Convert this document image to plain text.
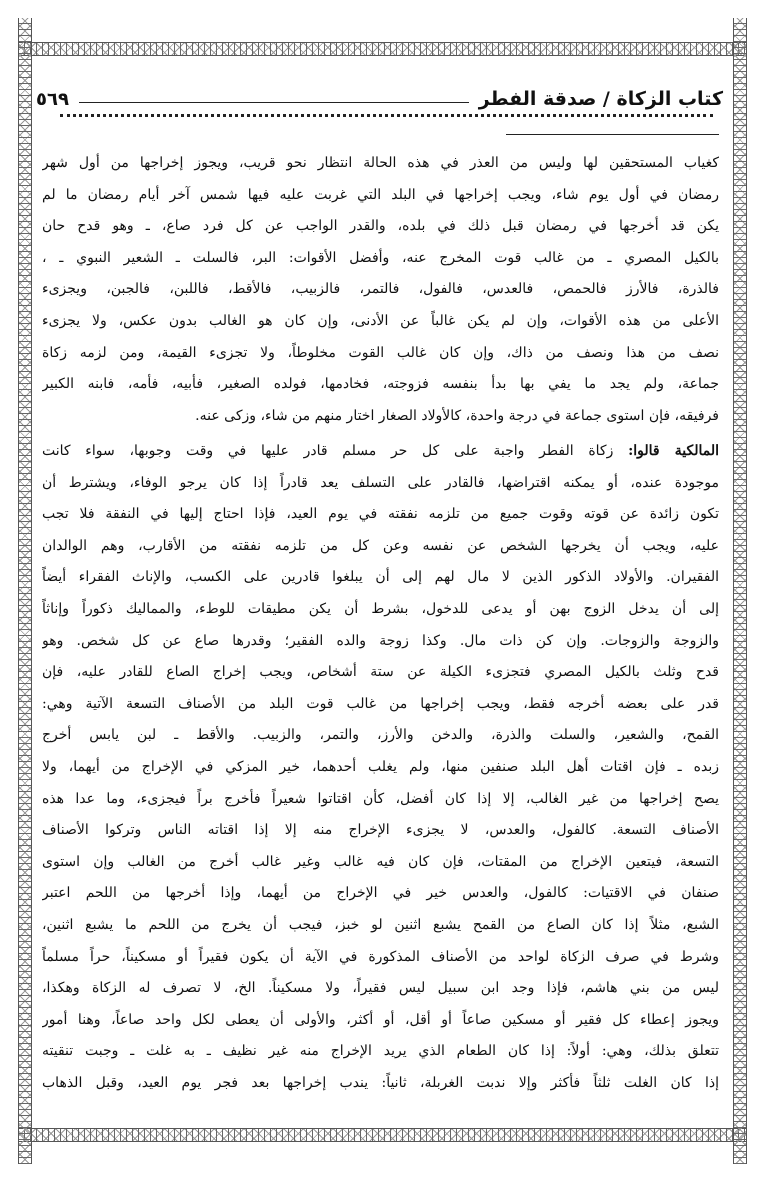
كتاب الزكاة / صدقة الفطر
٥٦٩
كغياب المستحقين لها وليس من العذر في هذه الحالة انتظار نحو قريب، ويجوز إخراجها من أول شهر
رمضان في أول يوم شاء، ويجب إخراجها في البلد التي غربت عليه فيها شمس آخر أيام رمضان ما لم
يكن قد أخرجها في رمضان قبل ذلك في بلده، والقدر الواجب عن كل فرد صاع، ـ وهو قدح حان
بالكيل المصري ـ من غالب قوت المخرج عنه، وأفضل الأقوات: البر، فالسلت ـ الشعير النبوي ـ ،
فالذرة، فالأرز فالحمص، فالعدس، فالفول، فالتمر، فالزبيب، فالأقط، فاللبن، فالجبن، ويجزىء
الأعلى من هذه الأقوات، وإن لم يكن غالباً عن الأدنى، وإن كان هو الغالب بدون عكس، ولا يجزىء
نصف من هذا ونصف من ذاك، وإن كان غالب القوت مخلوطاً، ولا تجزىء القيمة، ومن لزمه زكاة
جماعة، ولم يجد ما يفي بها بدأ بنفسه فزوجته، فخادمها، فولده الصغير، فأبيه، فأمه، فابنه الكبير
فرفيقه، فإن استوى جماعة في درجة واحدة، كالأولاد الصغار اختار منهم من شاء، وزكى عنه.
المالكية قالوا: زكاة الفطر واجبة على كل حر مسلم قادر عليها في وقت وجوبها، سواء كانت
موجودة عنده، أو يمكنه اقتراضها، فالقادر على التسلف يعد قادراً إذا كان يرجو الوفاء، ويشترط أن
تكون زائدة عن قوته وقوت جميع من تلزمه نفقته في يوم العيد، فإذا احتاج إليها في النفقة فلا تجب
عليه، ويجب أن يخرجها الشخص عن نفسه وعن كل من تلزمه نفقته من الأقارب، وهم الوالدان
الفقيران. والأولاد الذكور الذين لا مال لهم إلى أن يبلغوا قادرين على الكسب، والإناث الفقراء أيضاً
إلى أن يدخل الزوج بهن أو يدعى للدخول، بشرط أن يكن مطيقات للوطء، والمماليك ذكوراً وإناثاً
والزوجة والزوجات. وإن كن ذات مال. وكذا زوجة والده الفقير؛ وقدرها صاع عن كل شخص. وهو
قدح وثلث بالكيل المصري فتجزىء الكيلة عن ستة أشخاص، ويجب إخراج الصاع للقادر عليه، فإن
قدر على بعضه أخرجه فقط، ويجب إخراجها من غالب قوت البلد من الأصناف التسعة الآتية وهي:
القمح، والشعير، والسلت والذرة، والدخن والأرز، والتمر، والزبيب. والأقط ـ لبن يابس أخرج
زبده ـ فإن اقتات أهل البلد صنفين منها، ولم يغلب أحدهما، خير المزكي في الإخراج من أيهما، ولا
يصح إخراجها من غير الغالب، إلا إذا كان أفضل، كأن اقتاتوا شعيراً فأخرج براً فيجزىء، وما عدا هذه
الأصناف التسعة. كالفول، والعدس، لا يجزىء الإخراج منه إلا إذا اقتاته الناس وتركوا الأصناف
التسعة، فيتعين الإخراج من المقتات، فإن كان فيه غالب وغير غالب أخرج من الغالب وإن استوى
صنفان في الاقتيات: كالفول، والعدس خير في الإخراج من أيهما، وإذا أخرجها من اللحم اعتبر
الشبع، مثلاً إذا كان الصاع من القمح يشبع اثنين لو خبز، فيجب أن يخرج من اللحم ما يشبع اثنين،
وشرط في صرف الزكاة لواحد من الأصناف المذكورة في الآية أن يكون فقيراً أو مسكيناً، حراً مسلماً
ليس من بني هاشم، فإذا وجد ابن سبيل ليس فقيراً، ولا مسكيناً. الخ، لا تصرف له الزكاة وهكذا،
ويجوز إعطاء كل فقير أو مسكين صاعاً أو أقل، أو أكثر، والأولى أن يعطى لكل واحد صاعاً، وهنا أمور
تتعلق بذلك، وهي: أولاً: إذا كان الطعام الذي يريد الإخراج منه غير نظيف ـ به غلت ـ وجبت تنقيته
إذا كان الغلت ثلثاً فأكثر وإلا ندبت الغربلة، ثانياً: يندب إخراجها بعد فجر يوم العيد، وقبل الذهاب
